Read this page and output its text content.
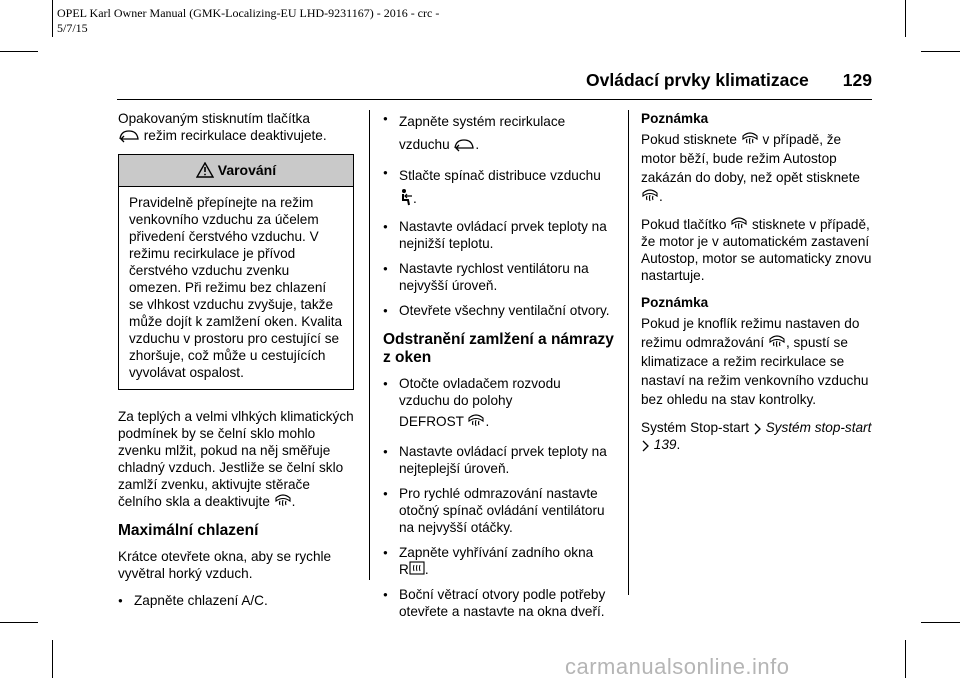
OPEL Karl Owner Manual (GMK-Localizing-EU LHD-9231167) - 2016 - crc -
5/7/15
Ovládací prvky klimatizace 129

Opakovaným stisknutím tlačítka
režim recirkulace deaktivujete.

Varování
Pravidelně přepínejte na režim venkovního vzduchu za účelem přivedení čerstvého vzduchu. V režimu recirkulace je přívod čerstvého vzduchu zvenku omezen. Při režimu bez chlazení se vlhkost vzduchu zvyšuje, takže může dojít k zamlžení oken. Kvalita vzduchu v prostoru pro cestující se zhoršuje, což může u cestujících vyvolávat ospalost.

Za teplých a velmi vlhkých klimatických podmínek by se čelní sklo mohlo zvenku mlžit, pokud na něj směřuje chladný vzduch. Jestliže se čelní sklo zamlží zvenku, aktivujte stěrače čelního skla a deaktivujte .

Maximální chlazení

Krátce otevřete okna, aby se rychle vyvětral horký vzduch.

● Zapněte chlazení A/C.
● Zapněte systém recirkulace vzduchu .
● Stlačte spínač distribuce vzduchu .
● Nastavte ovládací prvek teploty na nejnižší teplotu.
● Nastavte rychlost ventilátoru na nejvyšší úroveň.
● Otevřete všechny ventilační otvory.
Odstranění zamlžení a námrazy z oken
● Otočte ovladačem rozvodu vzduchu do polohy
DEFROST .
● Nastavte ovládací prvek teploty na nejteplejší úroveň.
● Pro rychlé odmrazování nastavte otočný spínač ovládání ventilátoru na nejvyšší otáčky.
● Zapněte vyhřívání zadního okna
R .
● Boční větrací otvory podle potřeby otevřete a nastavte na okna dveří.
Poznámka

Pokud stisknete v případě, že motor běží, bude režim Autostop zakázán do doby, než opět stisknete .

Pokud tlačítko stisknete v případě, že motor je v automatickém zastavení Autostop, motor se automaticky znovu nastartuje.

Poznámka

Pokud je knoflík režimu nastaven do režimu odmražování , spustí se klimatizace a režim recirkulace se nastaví na režim venkovního vzduchu bez ohledu na stav kontrolky.

Systém Stop-start Systém stop-start  139.

carmanualsonline.info
